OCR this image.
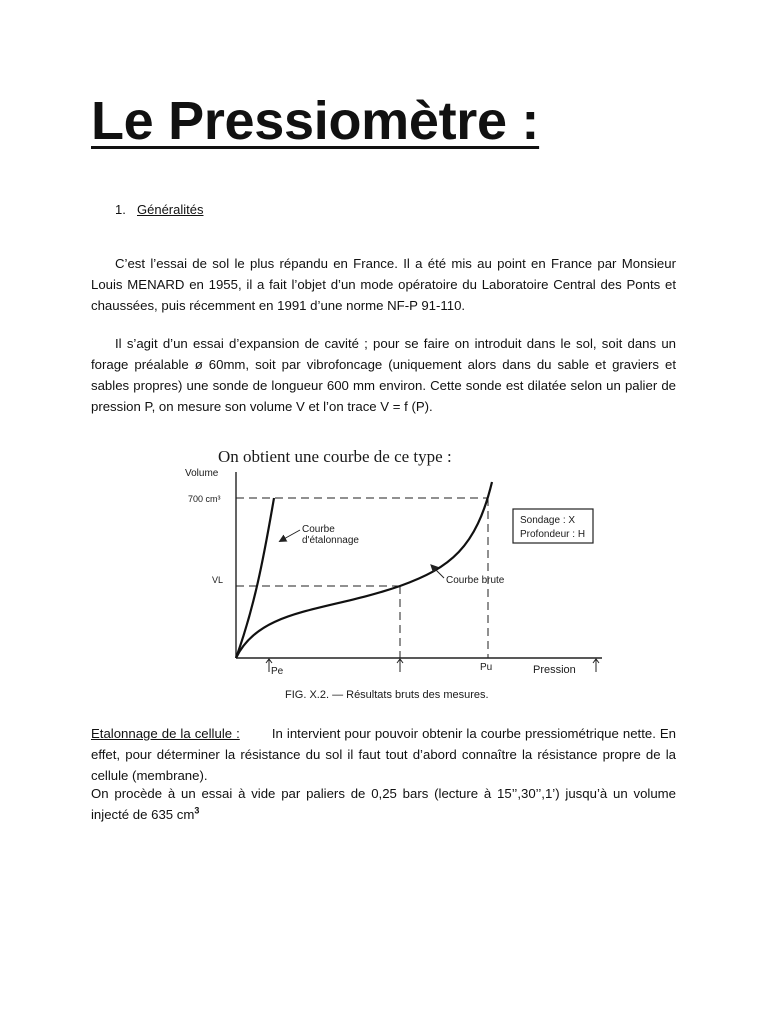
Le Pressiomètre :
1. Généralités

C’est l’essai de sol le plus répandu en France. Il a été mis au point en France par Monsieur Louis MENARD en 1955, il a fait l’objet d’un mode opératoire du Laboratoire Central des Ponts et chaussées, puis récemment en 1991 d’une norme NF-P 91-110.

Il s’agit d’un essai d’expansion de cavité ; pour se faire on introduit dans le sol, soit dans un forage préalable ø 60mm, soit par vibrofoncage (uniquement alors dans du sable et graviers et sables propres) une sonde de longueur 600 mm environ. Cette sonde est dilatée selon un palier de pression P, on mesure son volume V et l’on trace V = f (P).

On obtient une courbe de ce type :
Volume
700 cm³
VL
Pe	Pu	Pression
Courbe
d'étalonnage
Courbe brute
Sondage : X
Profondeur : H
FIG. X.2. — Résultats bruts des mesures.

Etalonnage de la cellule : In intervient pour pouvoir obtenir la courbe pressiométrique nette. En effet, pour déterminer la résistance du sol il faut tout d’abord connaître la résistance propre de la cellule (membrane).

On procède à un essai à vide par paliers de 0,25 bars (lecture à 15’’,30’’,1’) jusqu’à un volume injecté de 635 $cm^3$
